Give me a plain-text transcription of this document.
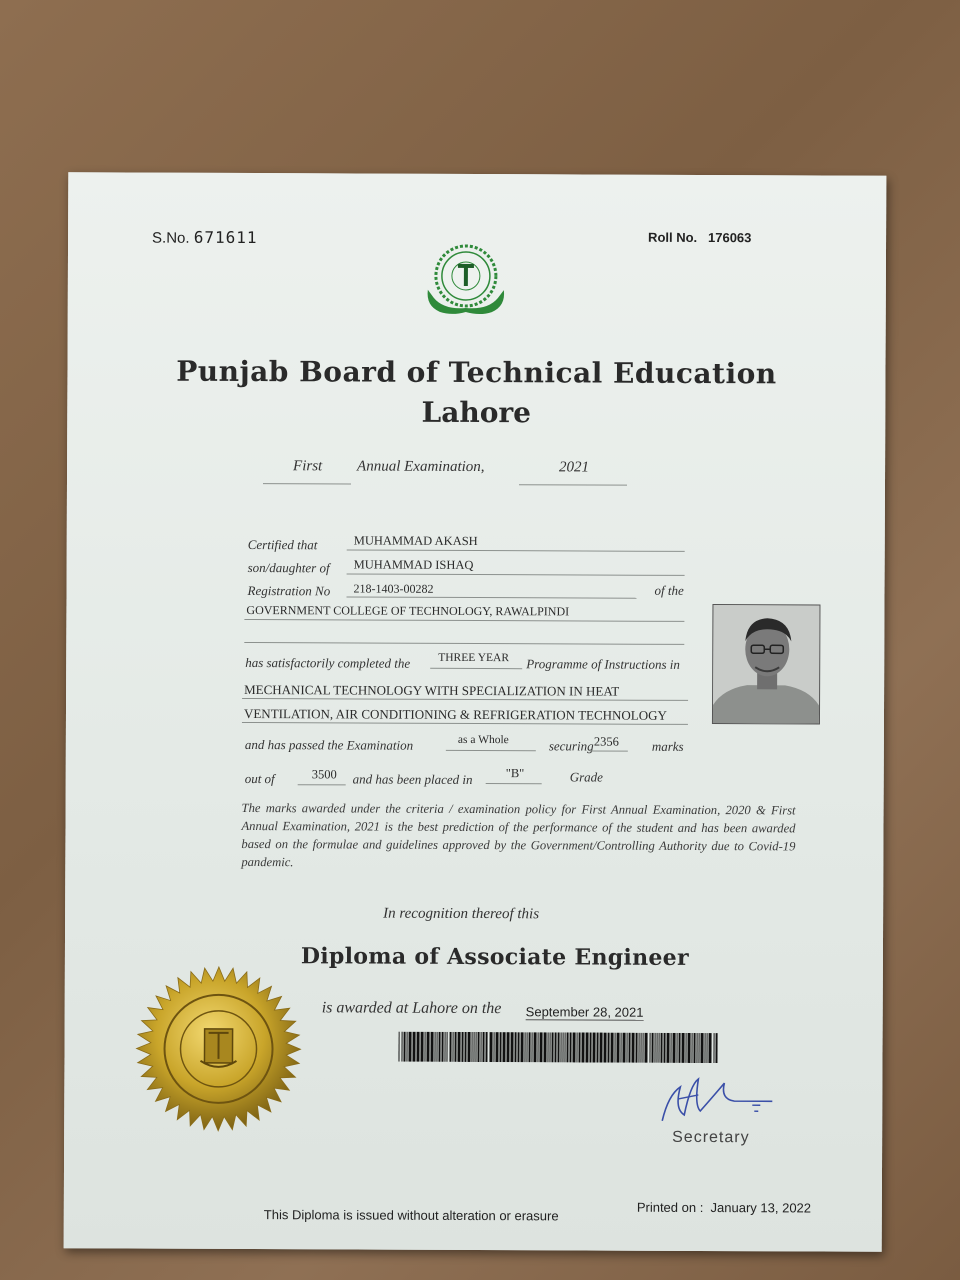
S.No. 671611	Roll No. 176063
Punjab Board of Technical Education
Lahore
First Annual Examination,	2021
Certified that	MUHAMMAD AKASH
son/daughter of MUHAMMAD ISHAQ
Registration No 218-1403-00282	of the
GOVERNMENT COLLEGE OF TECHNOLOGY, RAWALPINDI
has satisfactorily completed the THREE YEAR Programme of Instructions in
MECHANICAL TECHNOLOGY WITH SPECIALIZATION IN HEAT
VENTILATION, AIR CONDITIONING & REFRIGERATION TECHNOLOGY
and has passed the Examination	as a Whole	securing 2356	marks
out of	3500 and has been placed in	"B"	Grade
The marks awarded under the criteria / examination policy for First Annual Examination, 2020 & First Annual Examination, 2021 is the best prediction of the performance of the student and has been awarded based on the formulae and guidelines approved by the Government/Controlling Authority due to Covid-19 pandemic.
In recognition thereof this
Diploma of Associate Engineer
is awarded at Lahore on the September 28, 2021
Secretary
This Diploma is issued without alteration or erasure	Printed on : January 13, 2022
